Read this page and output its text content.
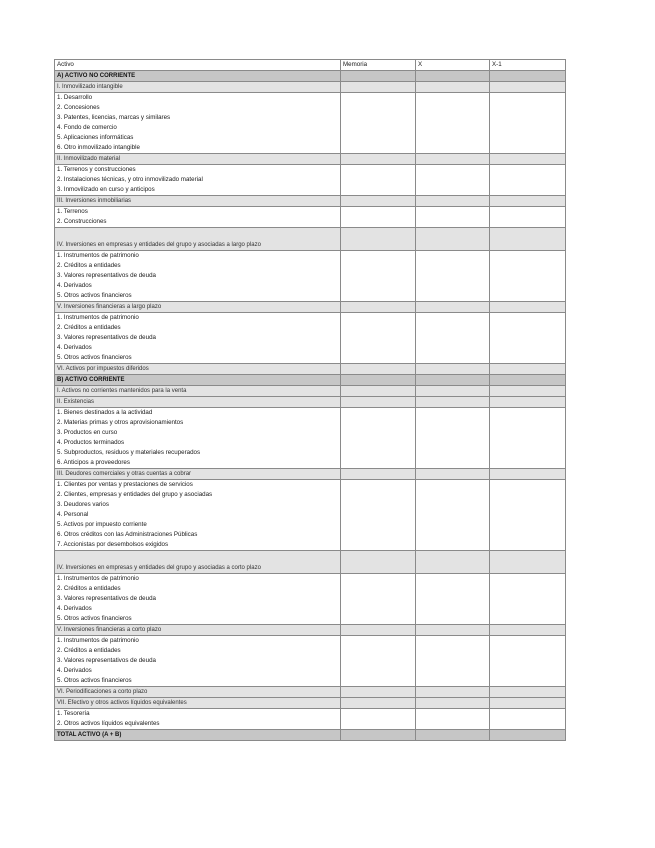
Activo	Memoria	X	X-1
A) ACTIVO NO CORRIENTE			
I. Inmovilizado intangible			
1. Desarrollo			
2. Concesiones			
3. Patentes, licencias, marcas y similares			
4. Fondo de comercio			
5. Aplicaciones informáticas			
6. Otro inmovilizado intangible			
II. Inmovilizado material			
1. Terrenos y construcciones			
2. Instalaciones técnicas, y otro inmovilizado material			
3. Inmovilizado en curso y anticipos			
III. Inversiones inmobiliarias			
1. Terrenos			
2. Construcciones			
IV. Inversiones en empresas y entidades del grupo y asociadas a largo plazo			
1. Instrumentos de patrimonio			
2. Créditos a entidades			
3. Valores representativos de deuda			
4. Derivados			
5. Otros activos financieros			
V. Inversiones financieras a largo plazo			
1. Instrumentos de patrimonio			
2. Créditos a entidades			
3. Valores representativos de deuda			
4. Derivados			
5. Otros activos financieros			
VI. Activos por impuestos diferidos			
B) ACTIVO CORRIENTE			
I. Activos no corrientes mantenidos para la venta			
II. Existencias			
1. Bienes destinados a la actividad			
2. Materias primas y otros aprovisionamientos			
3. Productos en curso			
4. Productos terminados			
5. Subproductos, residuos y materiales recuperados			
6. Anticipos a proveedores			
III. Deudores comerciales y otras cuentas a cobrar			
1. Clientes por ventas y prestaciones de servicios			
2. Clientes, empresas y entidades del grupo y asociadas			
3. Deudores varios			
4. Personal			
5. Activos por impuesto corriente			
6. Otros créditos con las Administraciones Públicas			
7. Accionistas por desembolsos exigidos			
IV. Inversiones en empresas y entidades del grupo y asociadas a corto plazo			
1. Instrumentos de patrimonio			
2. Créditos a entidades			
3. Valores representativos de deuda			
4. Derivados			
5. Otros activos financieros			
V. Inversiones financieras a corto plazo			
1. Instrumentos de patrimonio			
2. Créditos a entidades			
3. Valores representativos de deuda			
4. Derivados			
5. Otros activos financieros			
VI. Periodificaciones a corto plazo			
VII. Efectivo y otros activos líquidos equivalentes			
1. Tesorería			
2. Otros activos líquidos equivalentes			
TOTAL ACTIVO (A + B)			
